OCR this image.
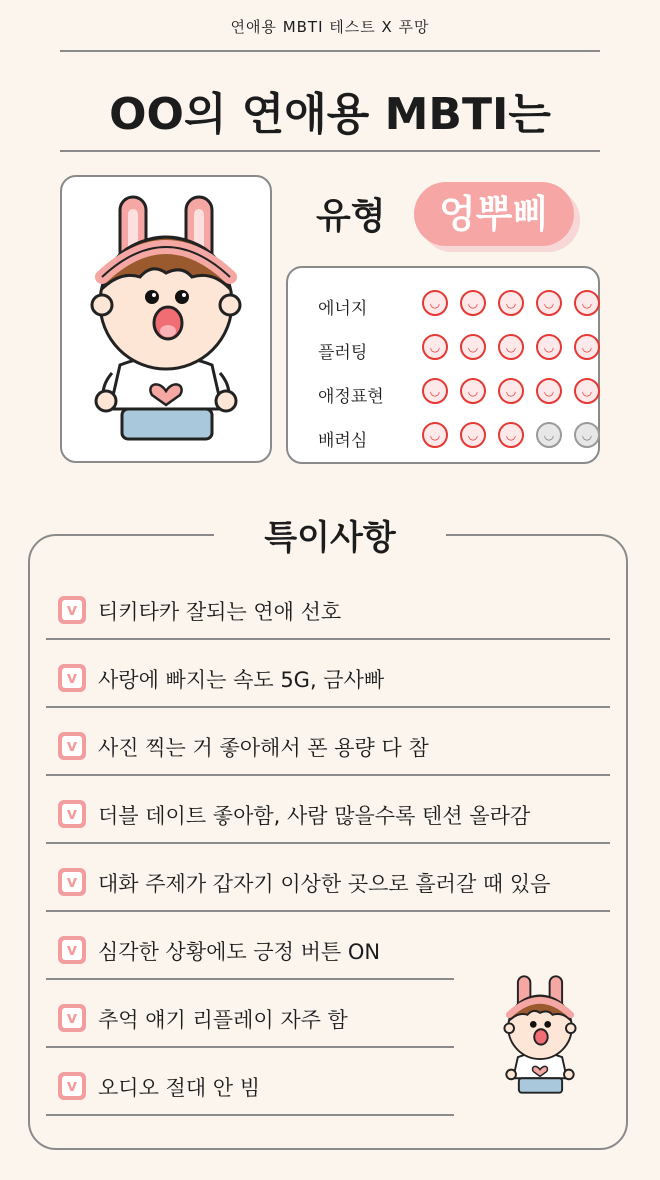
연애용 MBTI 테스트 X 푸망
OO의 연애용 MBTI는
유형	엉뿌삐
에너지	◡	◡	◡	◡	◡
플러팅	◡	◡	◡	◡	◡
애정표현	◡	◡	◡	◡	◡
배려심	◡	◡	◡	◡	◡
특이사항
v 티키타카 잘되는 연애 선호
v 사랑에 빠지는 속도 5G, 금사빠
v 사진 찍는 거 좋아해서 폰 용량 다 참
v 더블 데이트 좋아함, 사람 많을수록 텐션 올라감
v 대화 주제가 갑자기 이상한 곳으로 흘러갈 때 있음
v 심각한 상황에도 긍정 버튼 ON
v 추억 얘기 리플레이 자주 함
v 오디오 절대 안 빔
